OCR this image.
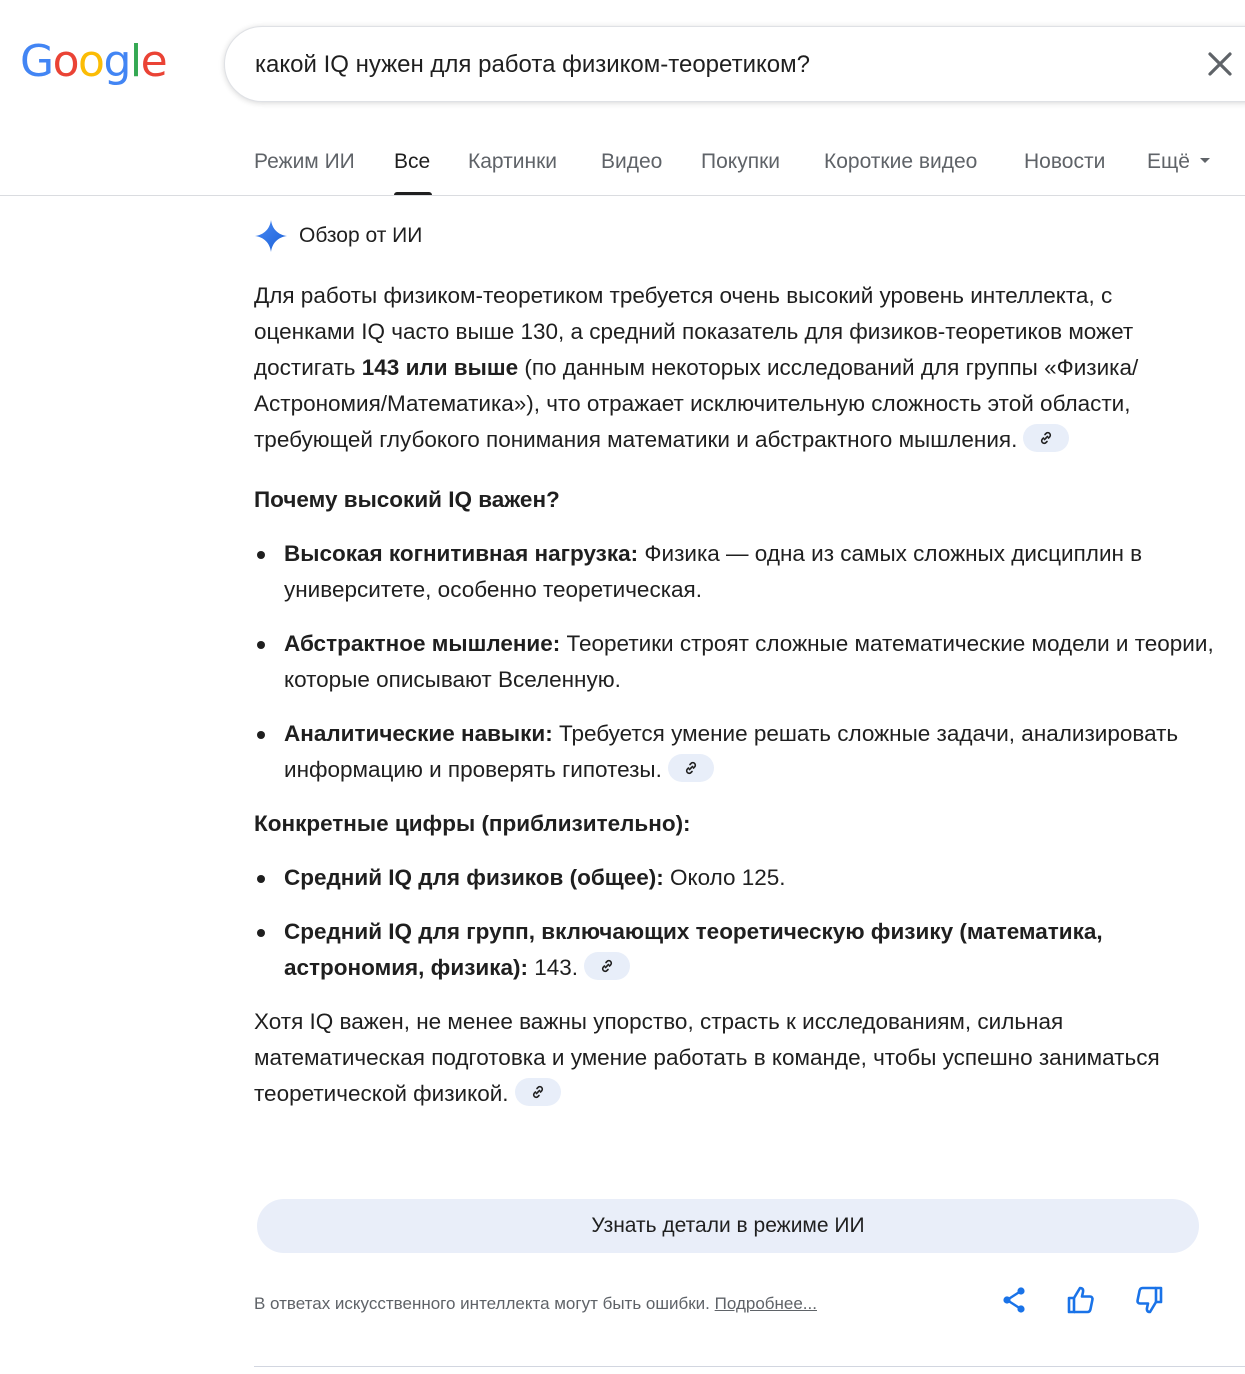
Google
какой IQ нужен для работа физиком-теоретиком?
Режим ИИ Все Картинки Видео Покупки Короткие видео Новости Ещё
Обзор от ИИ

Для работы физиком-теоретиком требуется очень высокий уровень интеллекта, с оценками IQ часто выше 130, а средний показатель для физиков-теоретиков может достигать 143 или выше (по данным некоторых исследований для группы «Физика/Астрономия/Математика»), что отражает исключительную сложность этой области, требующей глубокого понимания математики и абстрактного мышления.

Почему высокий IQ важен?

Высокая когнитивная нагрузка: Физика — одна из самых сложных дисциплин в университете, особенно теоретическая.
Абстрактное мышление: Теоретики строят сложные математические модели и теории, которые описывают Вселенную.
Аналитические навыки: Требуется умение решать сложные задачи, анализировать информацию и проверять гипотезы.

Конкретные цифры (приблизительно):

Средний IQ для физиков (общее): Около 125.
Средний IQ для групп, включающих теоретическую физику (математика, астрономия, физика): 143.

Хотя IQ важен, не менее важны упорство, страсть к исследованиям, сильная математическая подготовка и умение работать в команде, чтобы успешно заниматься теоретической физикой.

Узнать детали в режиме ИИ
В ответах искусственного интеллекта могут быть ошибки. Подробнее...
